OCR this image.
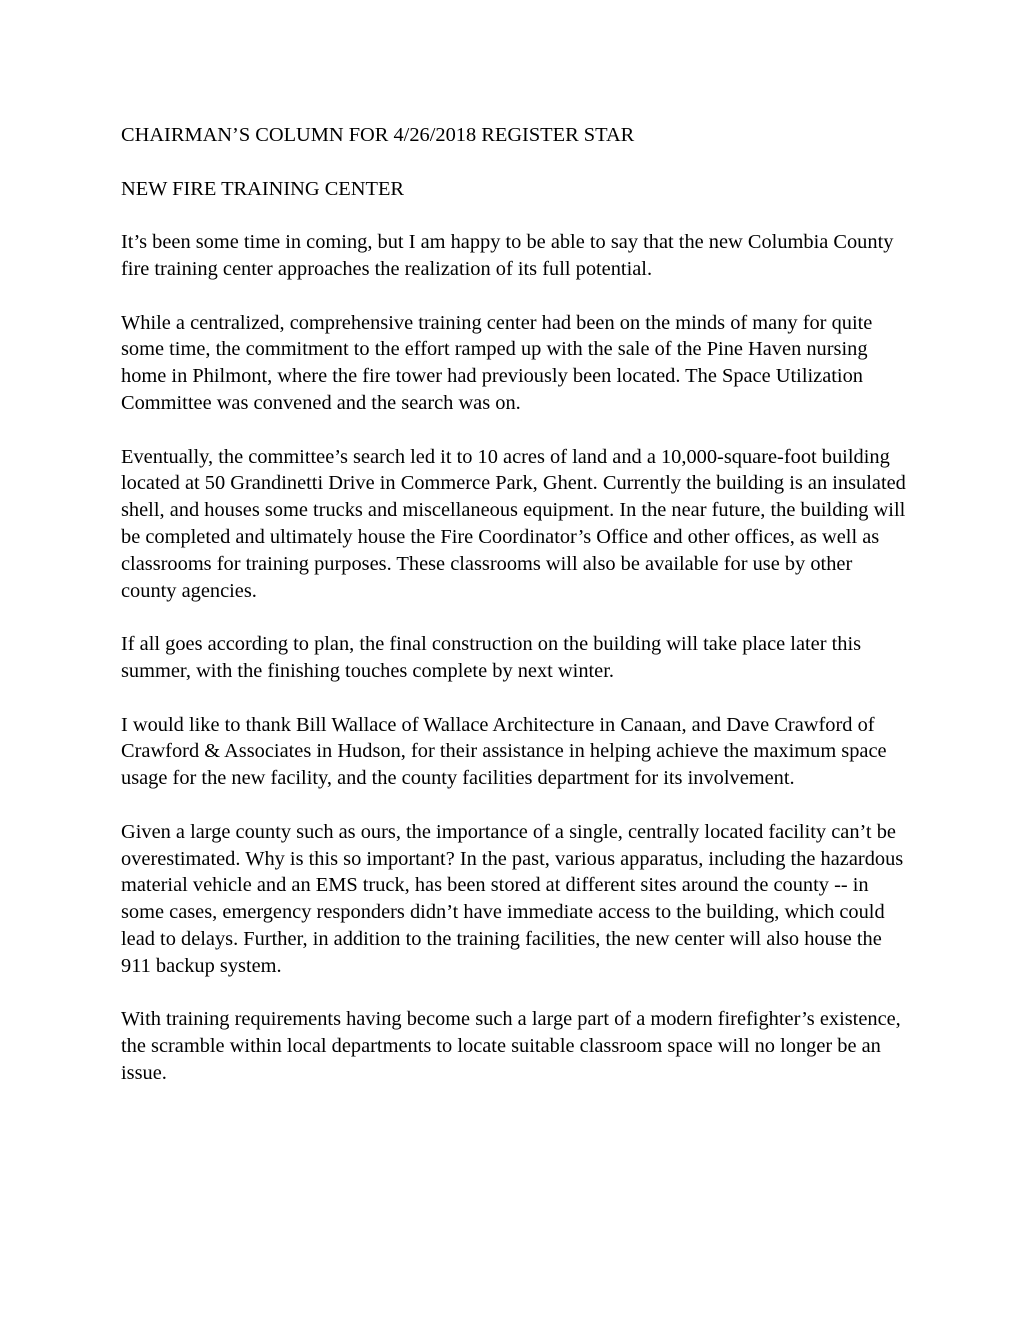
CHAIRMAN’S COLUMN FOR 4/26/2018 REGISTER STAR

NEW FIRE TRAINING CENTER

It’s been some time in coming, but I am happy to be able to say that the new Columbia County fire training center approaches the realization of its full potential.

While a centralized, comprehensive training center had been on the minds of many for quite some time, the commitment to the effort ramped up with the sale of the Pine Haven nursing home in Philmont, where the fire tower had previously been located. The Space Utilization Committee was convened and the search was on.

Eventually, the committee’s search led it to 10 acres of land and a 10,000-square-foot building located at 50 Grandinetti Drive in Commerce Park, Ghent. Currently the building is an insulated shell, and houses some trucks and miscellaneous equipment. In the near future, the building will be completed and ultimately house the Fire Coordinator’s Office and other offices, as well as classrooms for training purposes. These classrooms will also be available for use by other county agencies.

If all goes according to plan, the final construction on the building will take place later this summer, with the finishing touches complete by next winter.

I would like to thank Bill Wallace of Wallace Architecture in Canaan, and Dave Crawford of Crawford & Associates in Hudson, for their assistance in helping achieve the maximum space usage for the new facility, and the county facilities department for its involvement.

Given a large county such as ours, the importance of a single, centrally located facility can’t be overestimated. Why is this so important? In the past, various apparatus, including the hazardous material vehicle and an EMS truck, has been stored at different sites around the county -- in some cases, emergency responders didn’t have immediate access to the building, which could lead to delays. Further, in addition to the training facilities, the new center will also house the 911 backup system.

With training requirements having become such a large part of a modern firefighter’s existence, the scramble within local departments to locate suitable classroom space will no longer be an issue.
